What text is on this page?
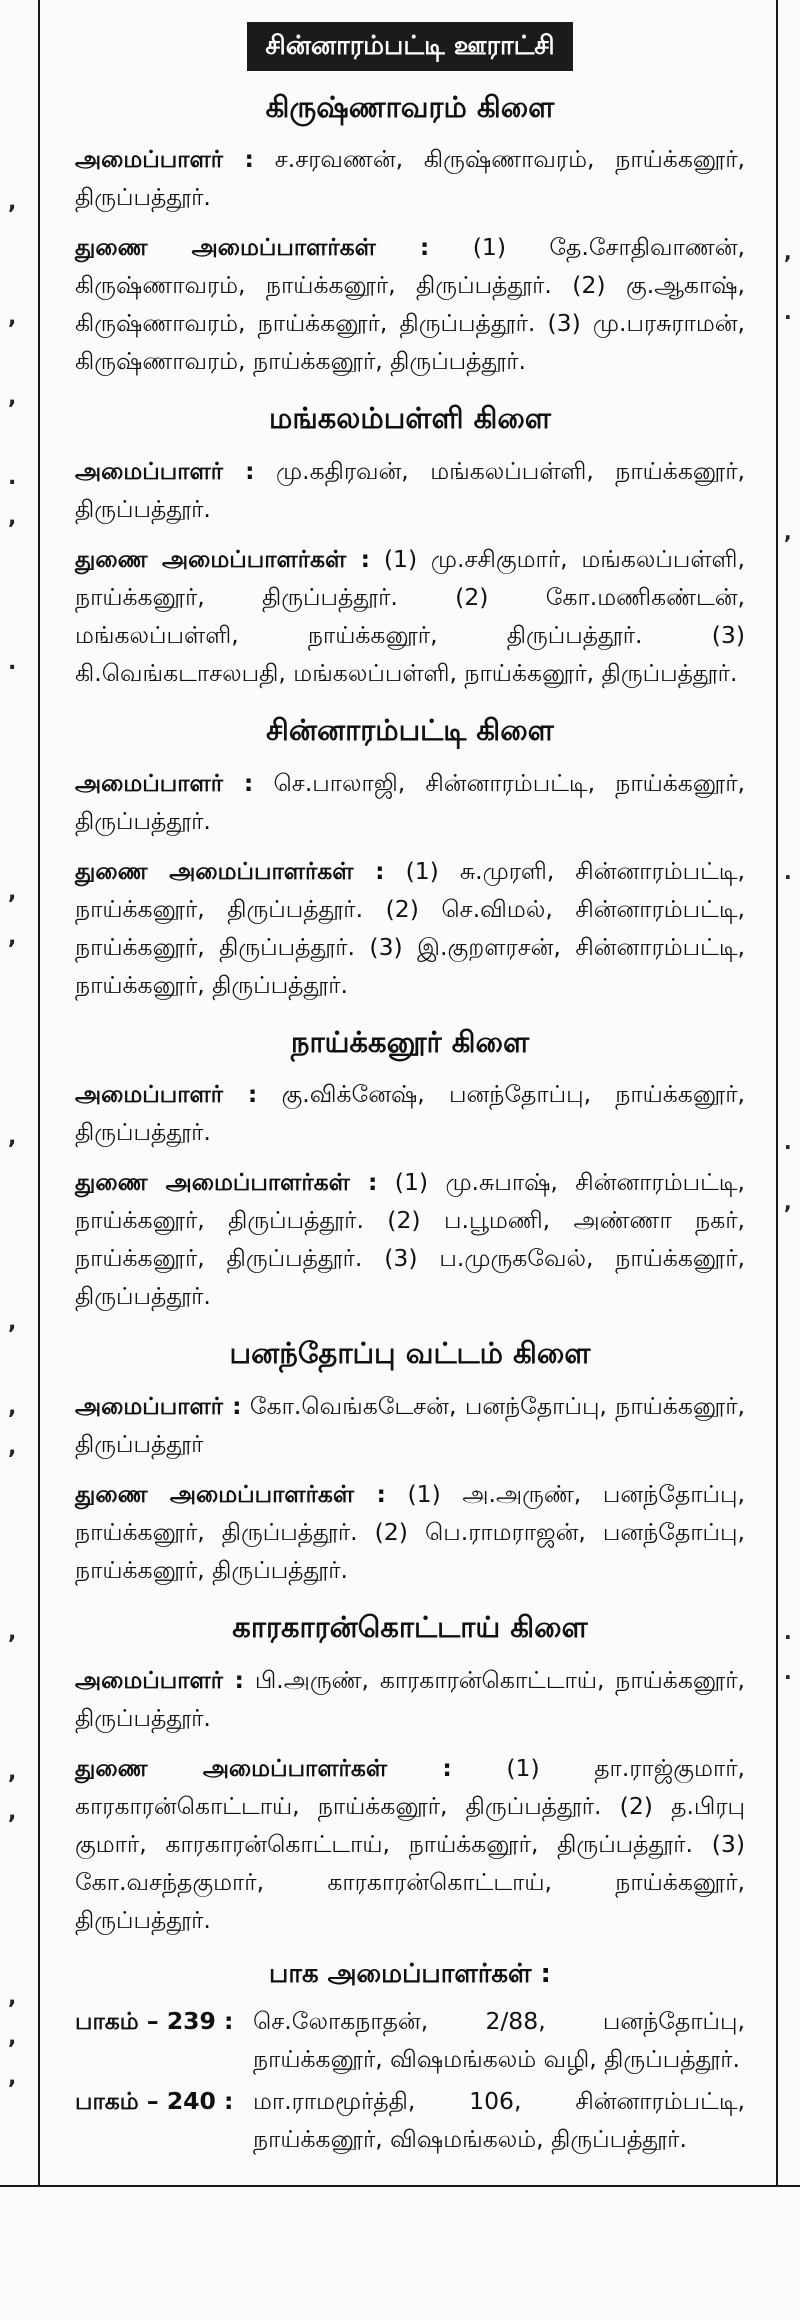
,
,
,
.
,
.
,
,
,
,
,
,
,
,
,
,
,
,
,
.
,
.
.
,
.
.
சின்னாரம்பட்டி ஊராட்சி
கிருஷ்ணாவரம் கிளை

அமைப்பாளர் : ச.சரவணன், கிருஷ்ணாவரம், நாய்க்கனூர், திருப்பத்தூர்.

துணை அமைப்பாளர்கள் : (1) தே.சோதிவாணன், கிருஷ்ணாவரம், நாய்க்கனூர், திருப்பத்தூர். (2) கு.ஆகாஷ், கிருஷ்ணாவரம், நாய்க்கனூர், திருப்பத்தூர். (3) மு.பரசுராமன், கிருஷ்ணாவரம், நாய்க்கனூர், திருப்பத்தூர்.

மங்கலம்பள்ளி கிளை

அமைப்பாளர் : மு.கதிரவன், மங்கலப்பள்ளி, நாய்க்கனூர், திருப்பத்தூர்.

துணை அமைப்பாளர்கள் : (1) மு.சசிகுமார், மங்கலப்பள்ளி, நாய்க்கனூர், திருப்பத்தூர். (2) கோ.மணிகண்டன், மங்கலப்பள்ளி, நாய்க்கனூர், திருப்பத்தூர். (3) கி.வெங்கடாசலபதி, மங்கலப்பள்ளி, நாய்க்கனூர், திருப்பத்தூர்.

சின்னாரம்பட்டி கிளை

அமைப்பாளர் : செ.பாலாஜி, சின்னாரம்பட்டி, நாய்க்கனூர், திருப்பத்தூர்.

துணை அமைப்பாளர்கள் : (1) சு.முரளி, சின்னாரம்பட்டி, நாய்க்கனூர், திருப்பத்தூர். (2) செ.விமல், சின்னாரம்பட்டி, நாய்க்கனூர், திருப்பத்தூர். (3) இ.குறளரசன், சின்னாரம்பட்டி, நாய்க்கனூர், திருப்பத்தூர்.

நாய்க்கனூர் கிளை

அமைப்பாளர் : கு.விக்னேஷ், பனந்தோப்பு, நாய்க்கனூர், திருப்பத்தூர்.

துணை அமைப்பாளர்கள் : (1) மு.சுபாஷ், சின்னாரம்பட்டி, நாய்க்கனூர், திருப்பத்தூர். (2) ப.பூமணி, அண்ணா நகர், நாய்க்கனூர், திருப்பத்தூர். (3) ப.முருகவேல், நாய்க்கனூர், திருப்பத்தூர்.

பனந்தோப்பு வட்டம் கிளை

அமைப்பாளர் : கோ.வெங்கடேசன், பனந்தோப்பு, நாய்க்கனூர், திருப்பத்தூர்

துணை அமைப்பாளர்கள் : (1) அ.அருண், பனந்தோப்பு, நாய்க்கனூர், திருப்பத்தூர். (2) பெ.ராமராஜன், பனந்தோப்பு, நாய்க்கனூர், திருப்பத்தூர்.

காரகாரன்கொட்டாய் கிளை

அமைப்பாளர் : பி.அருண், காரகாரன்கொட்டாய், நாய்க்கனூர், திருப்பத்தூர்.

துணை அமைப்பாளர்கள் : (1) தா.ராஜ்குமார், காரகாரன்கொட்டாய், நாய்க்கனூர், திருப்பத்தூர். (2) த.பிரபு குமார், காரகாரன்கொட்டாய், நாய்க்கனூர், திருப்பத்தூர். (3) கோ.வசந்தகுமார், காரகாரன்கொட்டாய், நாய்க்கனூர், திருப்பத்தூர்.

பாக அமைப்பாளர்கள் :
பாகம் – 239 : செ.லோகநாதன், 2/88, பனந்தோப்பு, நாய்க்கனூர், விஷமங்கலம் வழி, திருப்பத்தூர்.
பாகம் – 240 : மா.ராமமூர்த்தி, 106, சின்னாரம்பட்டி, நாய்க்கனூர், விஷமங்கலம், திருப்பத்தூர்.
